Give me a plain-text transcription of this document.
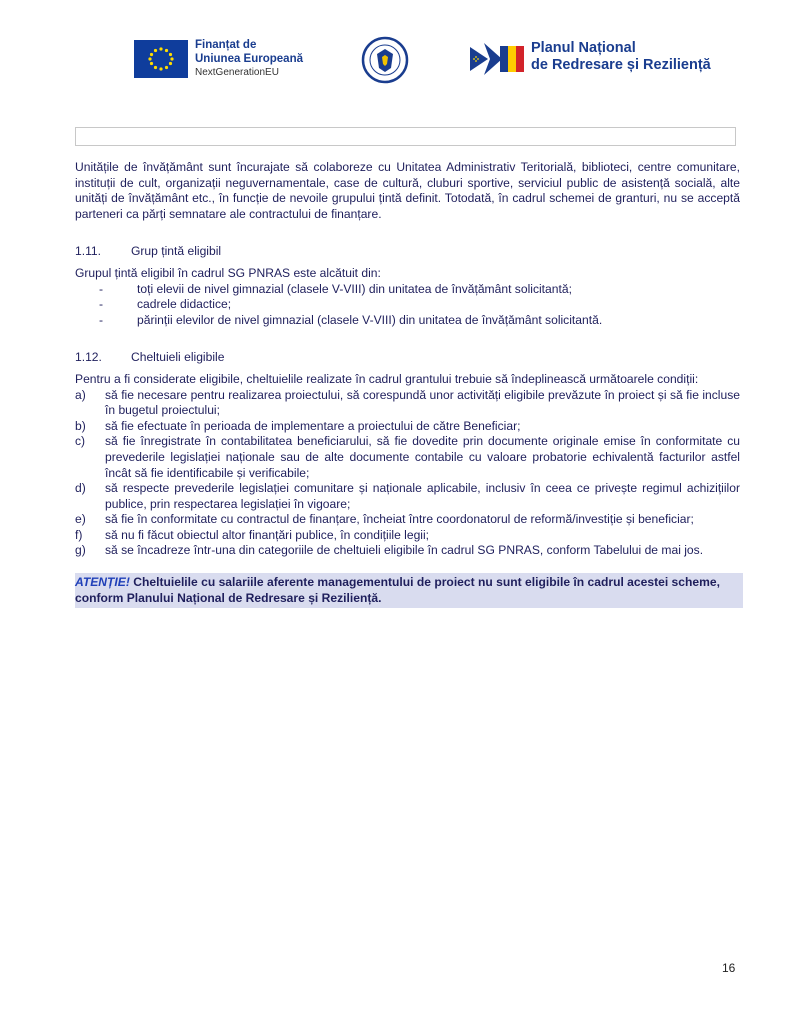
Finanțat de
Uniunea Europeană
NextGenerationEU
Planul Național
de Redresare și Reziliență

Unitățile de învățământ sunt încurajate să colaboreze cu Unitatea Administrativ Teritorială, biblioteci, centre comunitare, instituții de cult, organizații neguvernamentale, case de cultură, cluburi sportive, serviciul public de asistență socială, alte unități de învățământ etc., în funcție de nevoile grupului țintă definit. Totodată, în cadrul schemei de granturi, nu se acceptă parteneri ca părți semnatare ale contractului de finanțare.

1.11. Grup țintă eligibil

Grupul țintă eligibil în cadrul SG PNRAS este alcătuit din:

-	toți elevii de nivel gimnazial (clasele V-VIII) din unitatea de învățământ solicitantă;
-	cadrele didactice;
-	părinții elevilor de nivel gimnazial (clasele V-VIII) din unitatea de învățământ solicitantă.
1.12. Cheltuieli eligibile

Pentru a fi considerate eligibile, cheltuielile realizate în cadrul grantului trebuie să îndeplinească următoarele condiții:

a) să fie necesare pentru realizarea proiectului, să corespundă unor activități eligibile prevăzute în proiect și să fie incluse în bugetul proiectului;
b) să fie efectuate în perioada de implementare a proiectului de către Beneficiar;
c) să fie înregistrate în contabilitatea beneficiarului, să fie dovedite prin documente originale emise în conformitate cu prevederile legislației naționale sau de alte documente contabile cu valoare probatorie echivalentă facturilor astfel încât să fie identificabile și verificabile;
d) să respecte prevederile legislației comunitare și naționale aplicabile, inclusiv în ceea ce privește regimul achizițiilor publice, prin respectarea legislației în vigoare;
e) să fie în conformitate cu contractul de finanțare, încheiat între coordonatorul de reformă/investiție și beneficiar;
f) să nu fi făcut obiectul altor finanțări publice, în condițiile legii;
g) să se încadreze într-una din categoriile de cheltuieli eligibile în cadrul SG PNRAS, conform Tabelului de mai jos.
ATENȚIE! Cheltuielile cu salariile aferente managementului de proiect nu sunt eligibile în cadrul acestei scheme, conform Planului Național de Redresare și Reziliență.
16
